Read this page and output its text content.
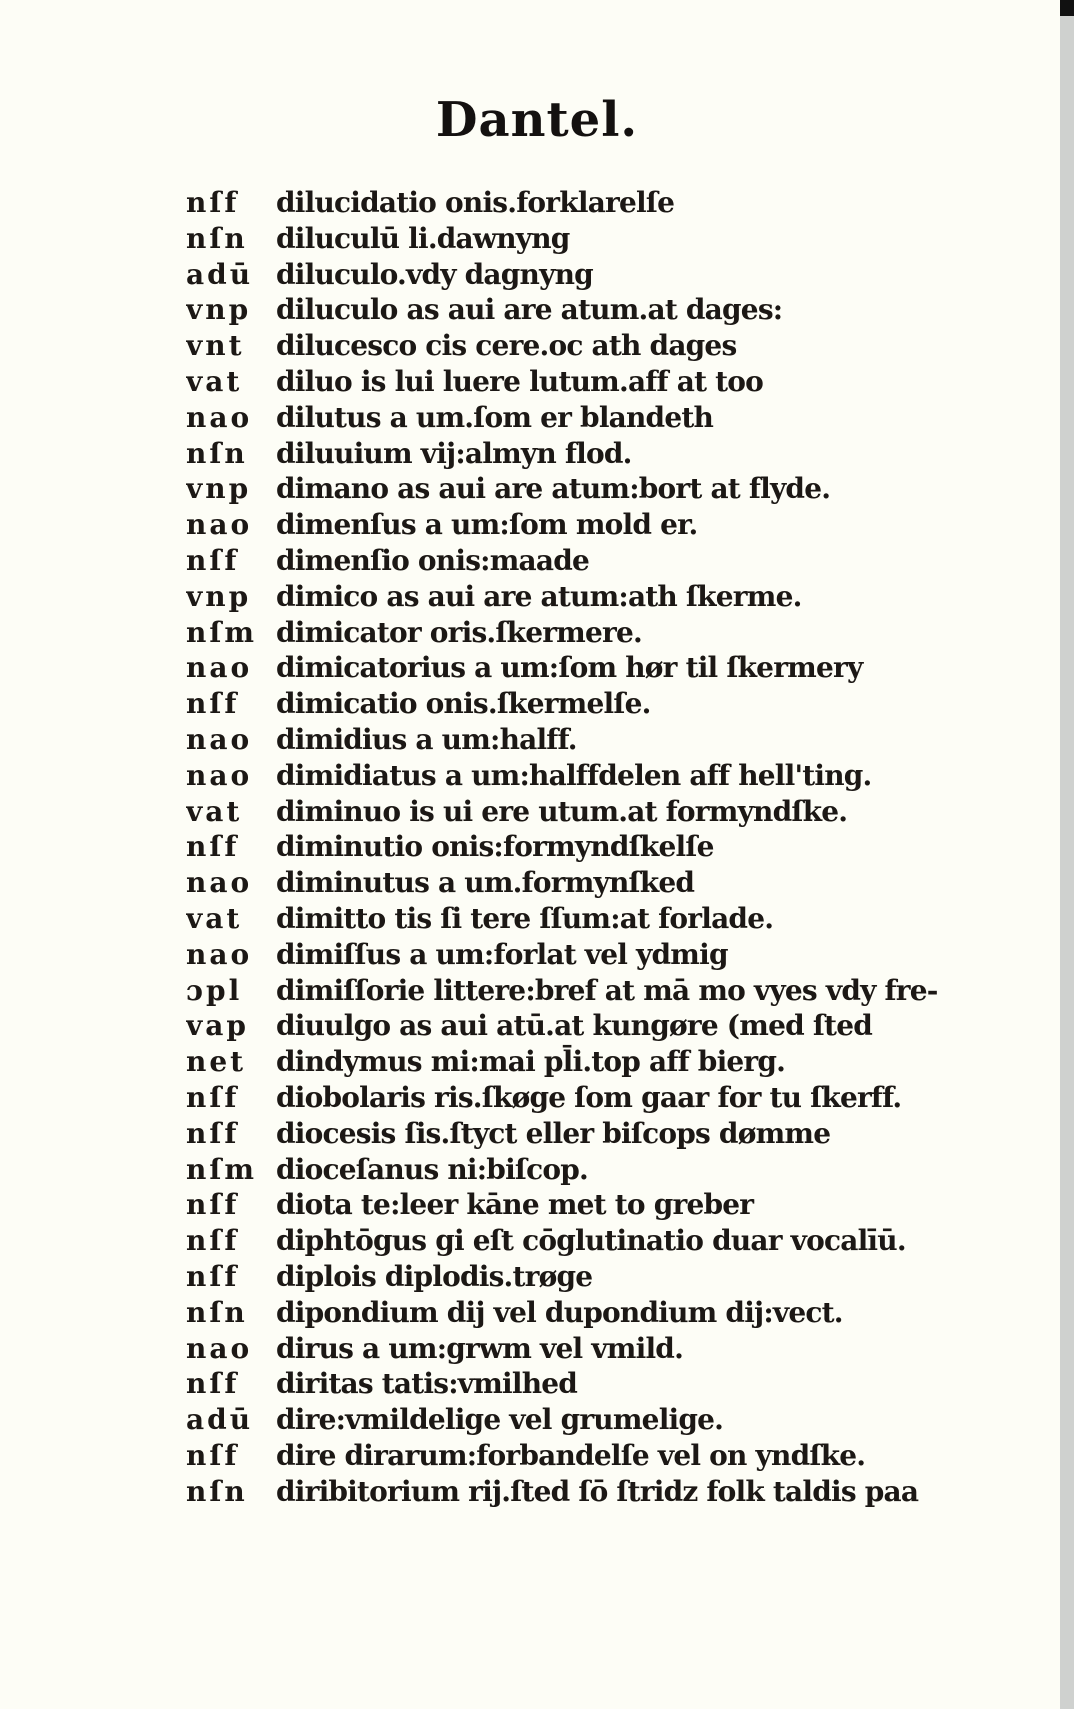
Dantel.
nſf	dilucidatio onis.forklarelſe
nſn	diluculū li.dawnyng
adū diluculo.vdy dagnyng
vnp diluculo as aui are atum.at dages:
vnt	dilucesco cis cere.oc ath dages
vat	diluo is lui luere lutum.aff at too
nao dilutus a um.ſom er blandeth
nſn	diluuium vij:almyn flod.
vnp dimano as aui are atum:bort at flyde.
nao dimenſus a um:ſom mold er.
nſf	dimenſio onis:maade
vnp dimico as aui are atum:ath ſkerme.
nſm dimicator oris.ſkermere.
nao dimicatorius a um:ſom hør til ſkermery
nſf	dimicatio onis.ſkermelſe.
nao dimidius a um:halff.
nao dimidiatus a um:halffdelen aff hell'ting.
vat	diminuo is ui ere utum.at formyndſke.
nſf	diminutio onis:formyndſkelſe
nao diminutus a um.formynſked
vat	dimitto tis ſi tere ſſum:at forlade.
nao dimiſſus a um:forlat vel ydmig
ɔpl	dimiſſorie littere:bref at mā mo vyes vdy fre-
vap diuulgo as aui atū.at kungøre (med ſted
net	dindymus mi:mai pl̄i.top aff bierg.
nſf	diobolaris ris.ſkøge ſom gaar for tu ſkerff.
nſf	diocesis ſis.ſtyct eller biſcops dømme
nſm dioceſanus ni:biſcop.
nſf	diota te:leer kāne met to greber
nſf	diphtōgus gi eſt cōglutinatio duar vocalīū.
nſf	diplois diplodis.trøge
nſn	dipondium dij vel dupondium dij:vect.
nao dirus a um:grwm vel vmild.
nſf	diritas tatis:vmilhed
adū dire:vmildelige vel grumelige.
nſf	dire dirarum:forbandelſe vel on yndſke.
nſn	diribitorium rij.ſted ſō ſtridz folk taldis paa
